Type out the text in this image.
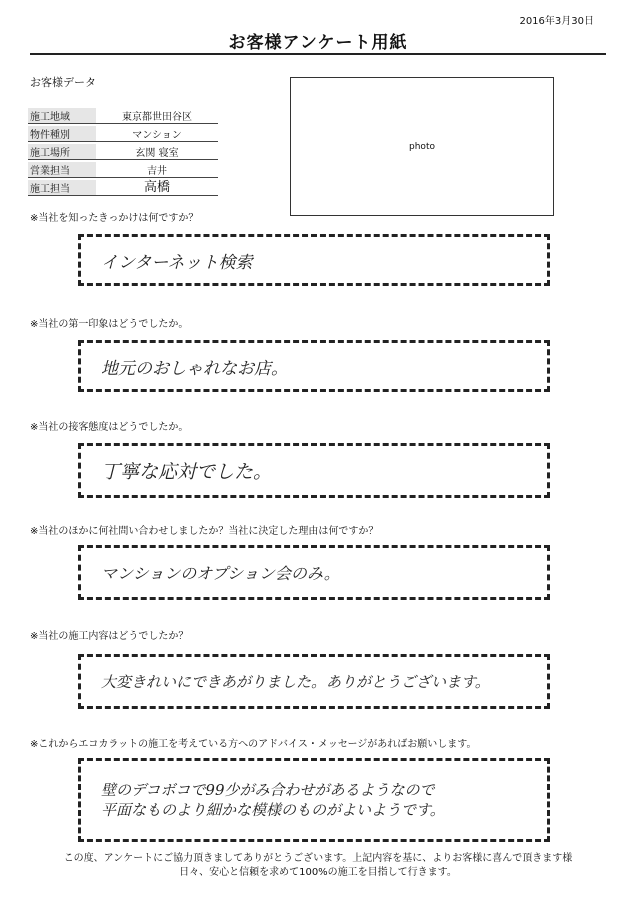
2016年3月30日
お客様アンケート用紙
お客様データ
施工地域	東京都世田谷区
物件種別	マンション
施工場所	玄関 寝室
営業担当	吉井
施工担当	高橋
photo
※当社を知ったきっかけは何ですか？
インターネット検索
※当社の第一印象はどうでしたか。
地元のおしゃれなお店。
※当社の接客態度はどうでしたか。
丁寧な応対でした。
※当社のほかに何社問い合わせしましたか？当社に決定した理由は何ですか？
マンションのオプション会のみ。
※当社の施工内容はどうでしたか？
大変きれいにできあがりました。ありがとうございます。
※これからエコカラットの施工を考えている方へのアドバイス・メッセージがあればお願いします。
壁のデコボコで99少がみ合わせがあるようなので
平面なものより細かな模様のものがよいようです。
この度、アンケートにご協力頂きましてありがとうございます。上記内容を基に、よりお客様に喜んで頂きます様
日々、安心と信頼を求めて100%の施工を目指して行きます。
